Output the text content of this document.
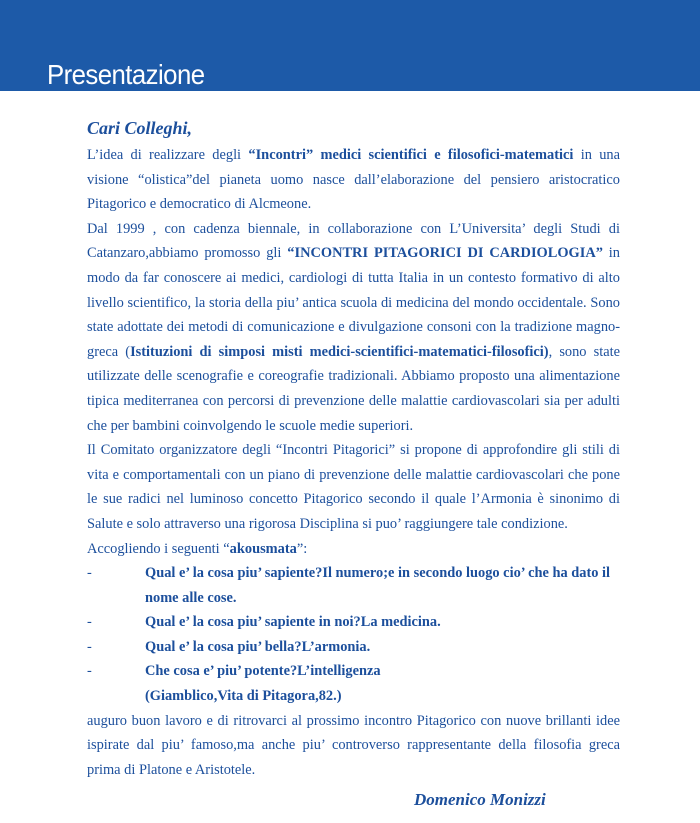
Presentazione
Cari Colleghi,

L’idea di realizzare degli “Incontri” medici scientifici e filosofici-matematici in una visione “olistica”del pianeta uomo nasce dall’elaborazione del pensiero aristocratico Pitagorico e democratico di Alcmeone.

Dal 1999 , con cadenza biennale, in collaborazione con L’Universita’ degli Studi di Catanzaro,abbiamo promosso gli “INCONTRI PITAGORICI DI CARDIOLOGIA” in modo da far conoscere ai medici, cardiologi di tutta Italia in un contesto formativo di alto livello scientifico, la storia della piu’ antica scuola di medicina del mondo occidentale. Sono state adottate dei metodi di comunicazione e divulgazione consoni con la tradizione magno-greca (Istituzioni di simposi misti medici-scientifici-matematici-filosofici), sono state utilizzate delle scenografie e coreografie tradizionali. Abbiamo proposto una alimentazione tipica mediterranea con percorsi di prevenzione delle malattie cardiovascolari sia per adulti che per bambini coinvolgendo le scuole medie superiori.

Il Comitato organizzatore degli “Incontri Pitagorici” si propone di approfondire gli stili di vita e comportamentali con un piano di prevenzione delle malattie cardiovascolari che pone le sue radici nel luminoso concetto Pitagorico secondo il quale l’Armonia è sinonimo di Salute e solo attraverso una rigorosa Disciplina si puo’ raggiungere tale condizione.

Accogliendo i seguenti “akousmata”:

-	Qual e’ la cosa piu’ sapiente?Il numero;e in secondo luogo cio’ che ha dato il nome alle cose.
-	Qual e’ la cosa piu’ sapiente in noi?La medicina.
-	Qual e’ la cosa piu’ bella?L’armonia.
-	Che cosa e’ piu’ potente?L’intelligenza
(Giamblico,Vita di Pitagora,82.)

auguro buon lavoro e di ritrovarci al prossimo incontro Pitagorico con nuove brillanti idee ispirate dal piu’ famoso,ma anche piu’ controverso rappresentante della filosofia greca prima di Platone e Aristotele.

Domenico Monizzi
